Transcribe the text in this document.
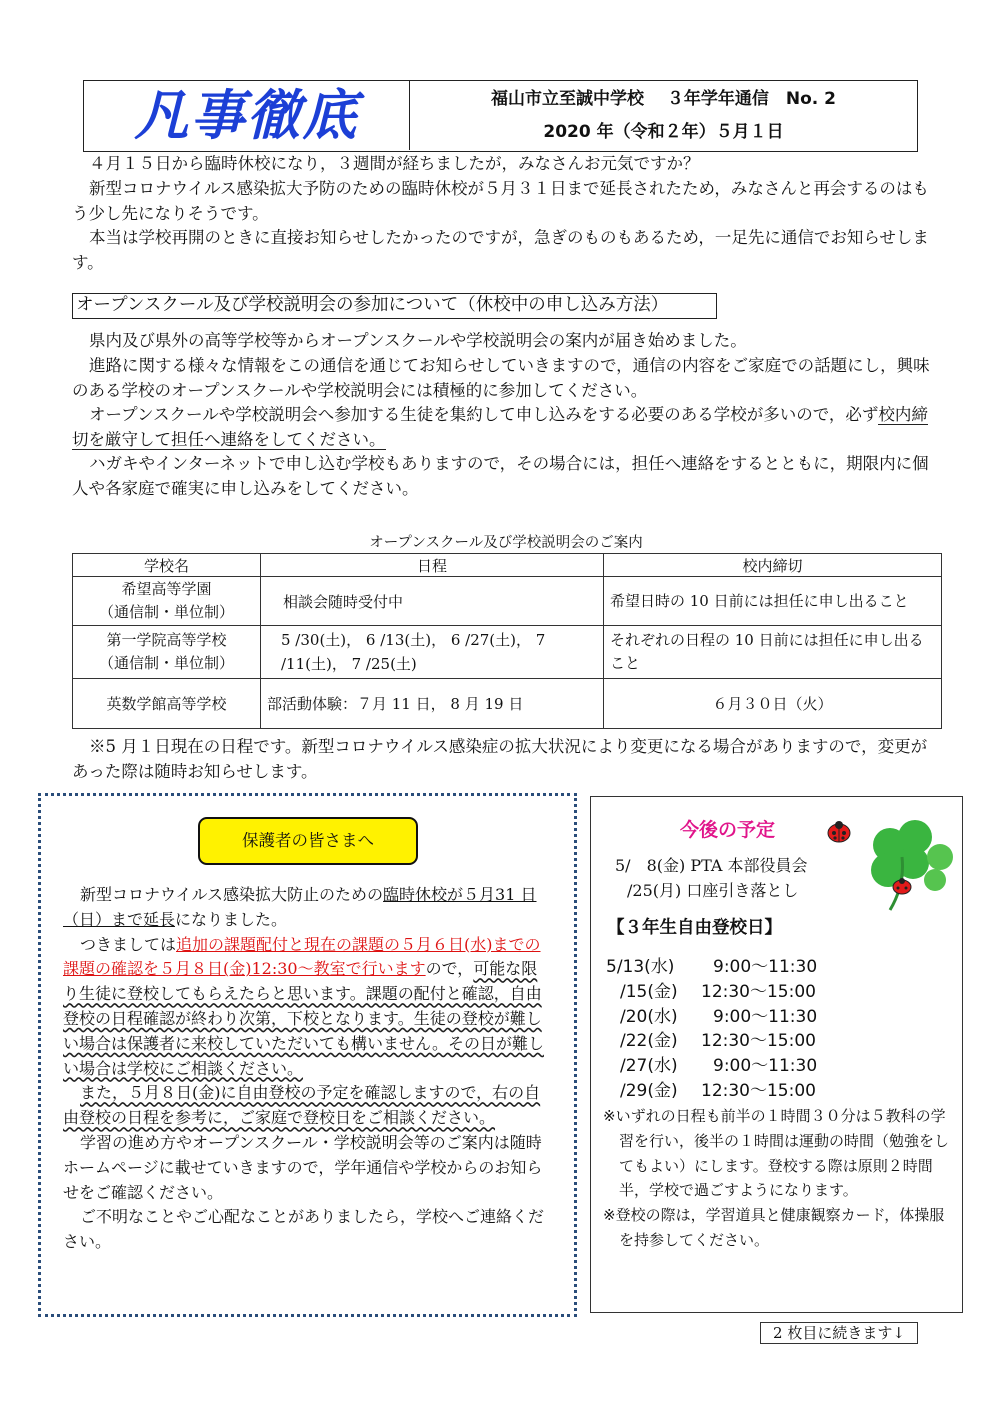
凡事徹底	福山市立至誠中学校　 ３年学年通信　No. 2
2020 年（令和２年）５月１日
４月１５日から臨時休校になり，３週間が経ちましたが，みなさんお元気ですか？
新型コロナウイルス感染拡大予防のための臨時休校が５月３１日まで延長されたため，みなさんと再会するのはもう少し先になりそうです。
本当は学校再開のときに直接お知らせしたかったのですが，急ぎのものもあるため，一足先に通信でお知らせします。
オープンスクール及び学校説明会の参加について（休校中の申し込み方法）
県内及び県外の高等学校等からオープンスクールや学校説明会の案内が届き始めました。
進路に関する様々な情報をこの通信を通じてお知らせしていきますので，通信の内容をご家庭での話題にし，興味のある学校のオープンスクールや学校説明会には積極的に参加してください。
オープンスクールや学校説明会へ参加する生徒を集約して申し込みをする必要のある学校が多いので，必ず校内締切を厳守して担任へ連絡をしてください。
ハガキやインターネットで申し込む学校もありますので，その場合には，担任へ連絡をするとともに，期限内に個人や各家庭で確実に申し込みをしてください。
オープンスクール及び学校説明会のご案内
学校名	日程	校内締切

希望高等学園
（通信制・単位制）	相談会随時受付中	希望日時の 10 日前には担任に申し出ること

第一学院高等学校
（通信制・単位制）	5 /30(土)， 6 /13(土)， 6 /27(土)， 7 /11(土)， 7 /25(土)	それぞれの日程の 10 日前には担任に申し出ること
英数学館高等学校	部活動体験：７月 11 日， 8 月 19 日	６月３０日（火）
※5 月１日現在の日程です。新型コロナウイルス感染症の拡大状況により変更になる場合がありますので，変更があった際は随時お知らせします。
保護者の皆さまへ
新型コロナウイルス感染拡大防止のための臨時休校が５月31 日（日）まで延長になりました。
つきましては追加の課題配付と現在の課題の５月６日(水)までの課題の確認を５月８日(金)12:30～教室で行いますので，可能な限り生徒に登校してもらえたらと思います。課題の配付と確認，自由登校の日程確認が終わり次第，下校となります。生徒の登校が難しい場合は保護者に来校していただいても構いません。その日が難しい場合は学校にご相談ください。
また，５月８日(金)に自由登校の予定を確認しますので，右の自由登校の日程を参考に，ご家庭で登校日をご相談ください。
学習の進め方やオープンスクール・学校説明会等のご案内は随時ホームページに載せていきますので，学年通信や学校からのお知らせをご確認ください。
ご不明なことやご心配なことがありましたら，学校へご連絡ください。
今後の予定
5/　8(金) PTA 本部役員会
/25(月) 口座引き落とし
【３年生自由登校日】
5/13(水) 9:00～11:30
/15(金) 12:30～15:00
/20(水) 9:00～11:30
/22(金) 12:30～15:00
/27(水) 9:00～11:30
/29(金) 12:30～15:00

※いずれの日程も前半の１時間３０分は５教科の学習を行い，後半の１時間は運動の時間（勉強をしてもよい）にします。登校する際は原則２時間半，学校で過ごすようになります。

※登校の際は，学習道具と健康観察カード，体操服を持参してください。

2 枚目に続きます↓
